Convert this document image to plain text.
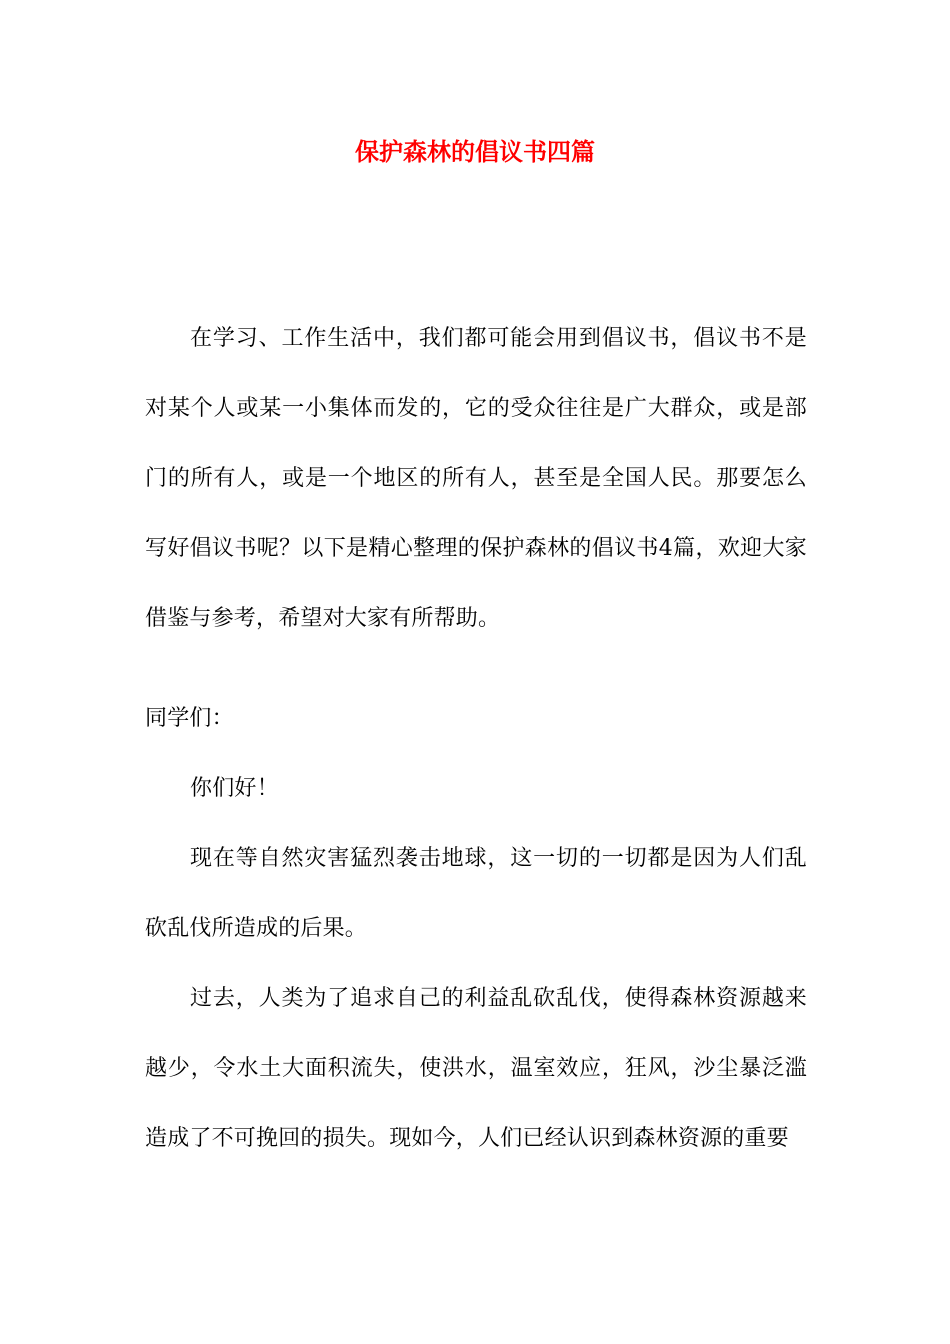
保护森林的倡议书四篇

在学习、工作生活中，我们都可能会用到倡议书，倡议书不是对某个人或某一小集体而发的，它的受众往往是广大群众，或是部门的所有人，或是一个地区的所有人，甚至是全国人民。那要怎么写好倡议书呢？以下是精心整理的保护森林的倡议书4篇，欢迎大家借鉴与参考，希望对大家有所帮助。

同学们：

你们好！

现在等自然灾害猛烈袭击地球，这一切的一切都是因为人们乱砍乱伐所造成的后果。

过去，人类为了追求自己的利益乱砍乱伐，使得森林资源越来越少，令水土大面积流失，使洪水，温室效应，狂风，沙尘暴泛滥造成了不可挽回的损失。现如今，人们已经认识到森林资源的重要
